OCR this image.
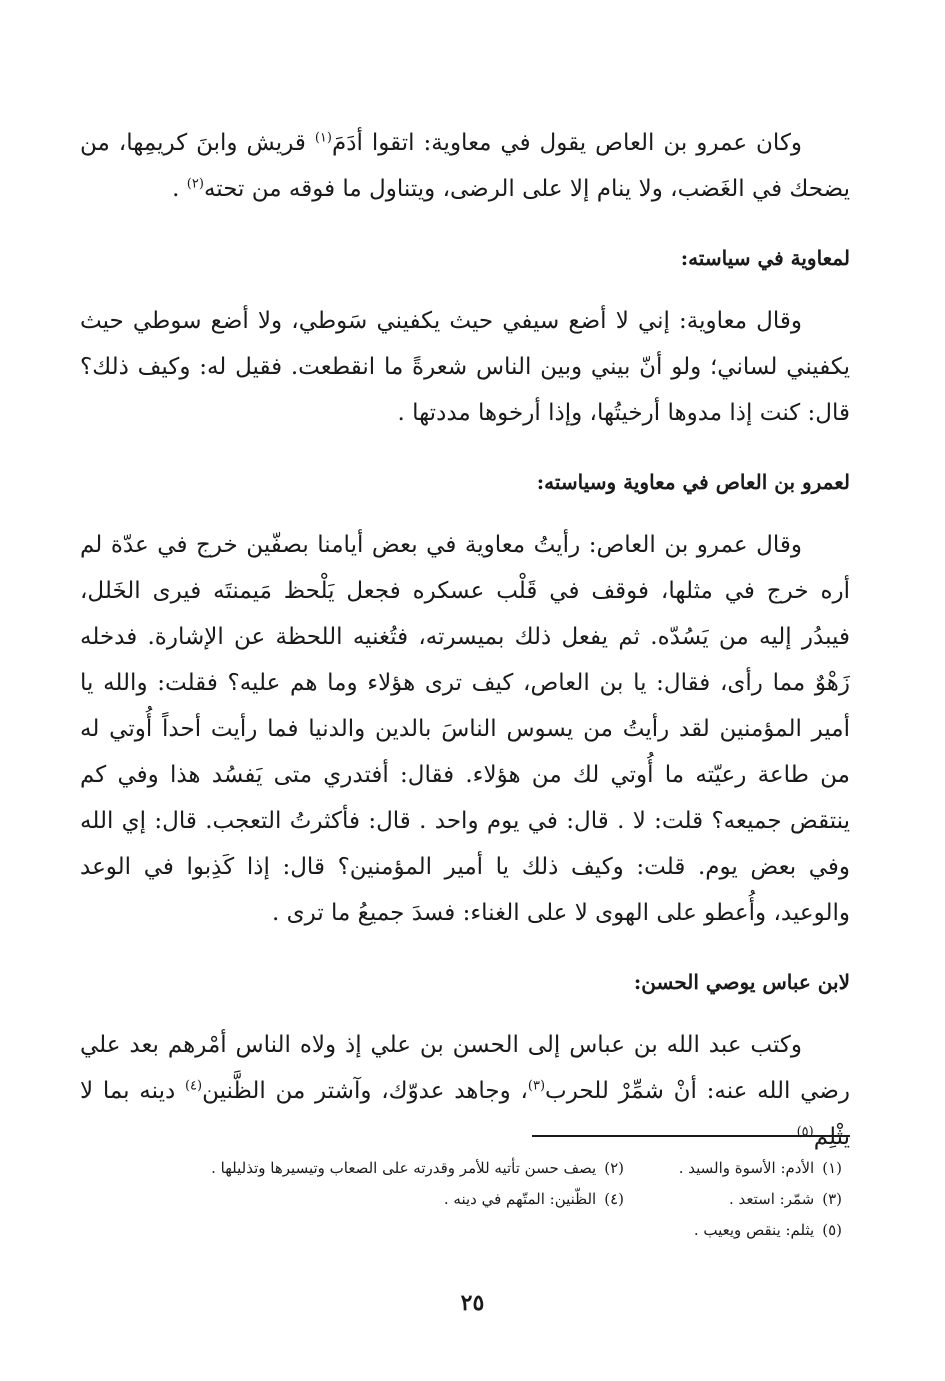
وكان عمرو بن العاص يقول في معاوية: اتقوا أدَمَ$^{(١)}$ قريش وابنَ كريمِها، من يضحك في الغَضب، ولا ينام إلا على الرضى، ويتناول ما فوقه من تحته$^{(٢)}$ .

لمعاوية في سياسته:

وقال معاوية: إني لا أضع سيفي حيث يكفيني سَوطي، ولا أضع سوطي حيث يكفيني لساني؛ ولو أنّ بيني وبين الناس شعرةً ما انقطعت. فقيل له: وكيف ذلك؟ قال: كنت إذا مدوها أرخيتُها، وإذا أرخوها مددتها .

لعمرو بن العاص في معاوية وسياسته:

وقال عمرو بن العاص: رأيتُ معاوية في بعض أيامنا بصفّين خرج في عدّة لم أره خرج في مثلها، فوقف في قَلْب عسكره فجعل يَلْحظ مَيمنتَه فيرى الخَلل، فيبدُر إليه من يَسُدّه. ثم يفعل ذلك بميسرته، فتُغنيه اللحظة عن الإشارة. فدخله زَهْوٌ مما رأى، فقال: يا بن العاص، كيف ترى هؤلاء وما هم عليه؟ فقلت: والله يا أمير المؤمنين لقد رأيتُ من يسوس الناسَ بالدين والدنيا فما رأيت أحداً أُوتي له من طاعة رعيّته ما أُوتي لك من هؤلاء. فقال: أفتدري متى يَفسُد هذا وفي كم ينتقض جميعه؟ قلت: لا . قال: في يوم واحد . قال: فأكثرتُ التعجب. قال: إي الله وفي بعض يوم. قلت: وكيف ذلك يا أمير المؤمنين؟ قال: إذا كَذِبوا في الوعد والوعيد، وأُعطو على الهوى لا على الغناء: فسدَ جميعُ ما ترى .

لابن عباس يوصي الحسن:

وكتب عبد الله بن عباس إلى الحسن بن علي إذ ولاه الناس أمْرهم بعد علي رضي الله عنه: أنْ شمِّرْ للحرب$^{(٣)}$، وجاهد عدوّك، وآشتر من الظَّنين$^{(٤)}$ دينه بما لا يثْلِم$^{(٥)}$

(١)الأدم: الأسوة والسيد .
(٢)يصف حسن تأتيه للأمر وقدرته على الصعاب وتيسيرها وتذليلها .
(٣)شمّر: استعد .
(٤)الظّنين: المتّهم في دينه .
(٥)يثلم: ينقص ويعيب .
٢٥
